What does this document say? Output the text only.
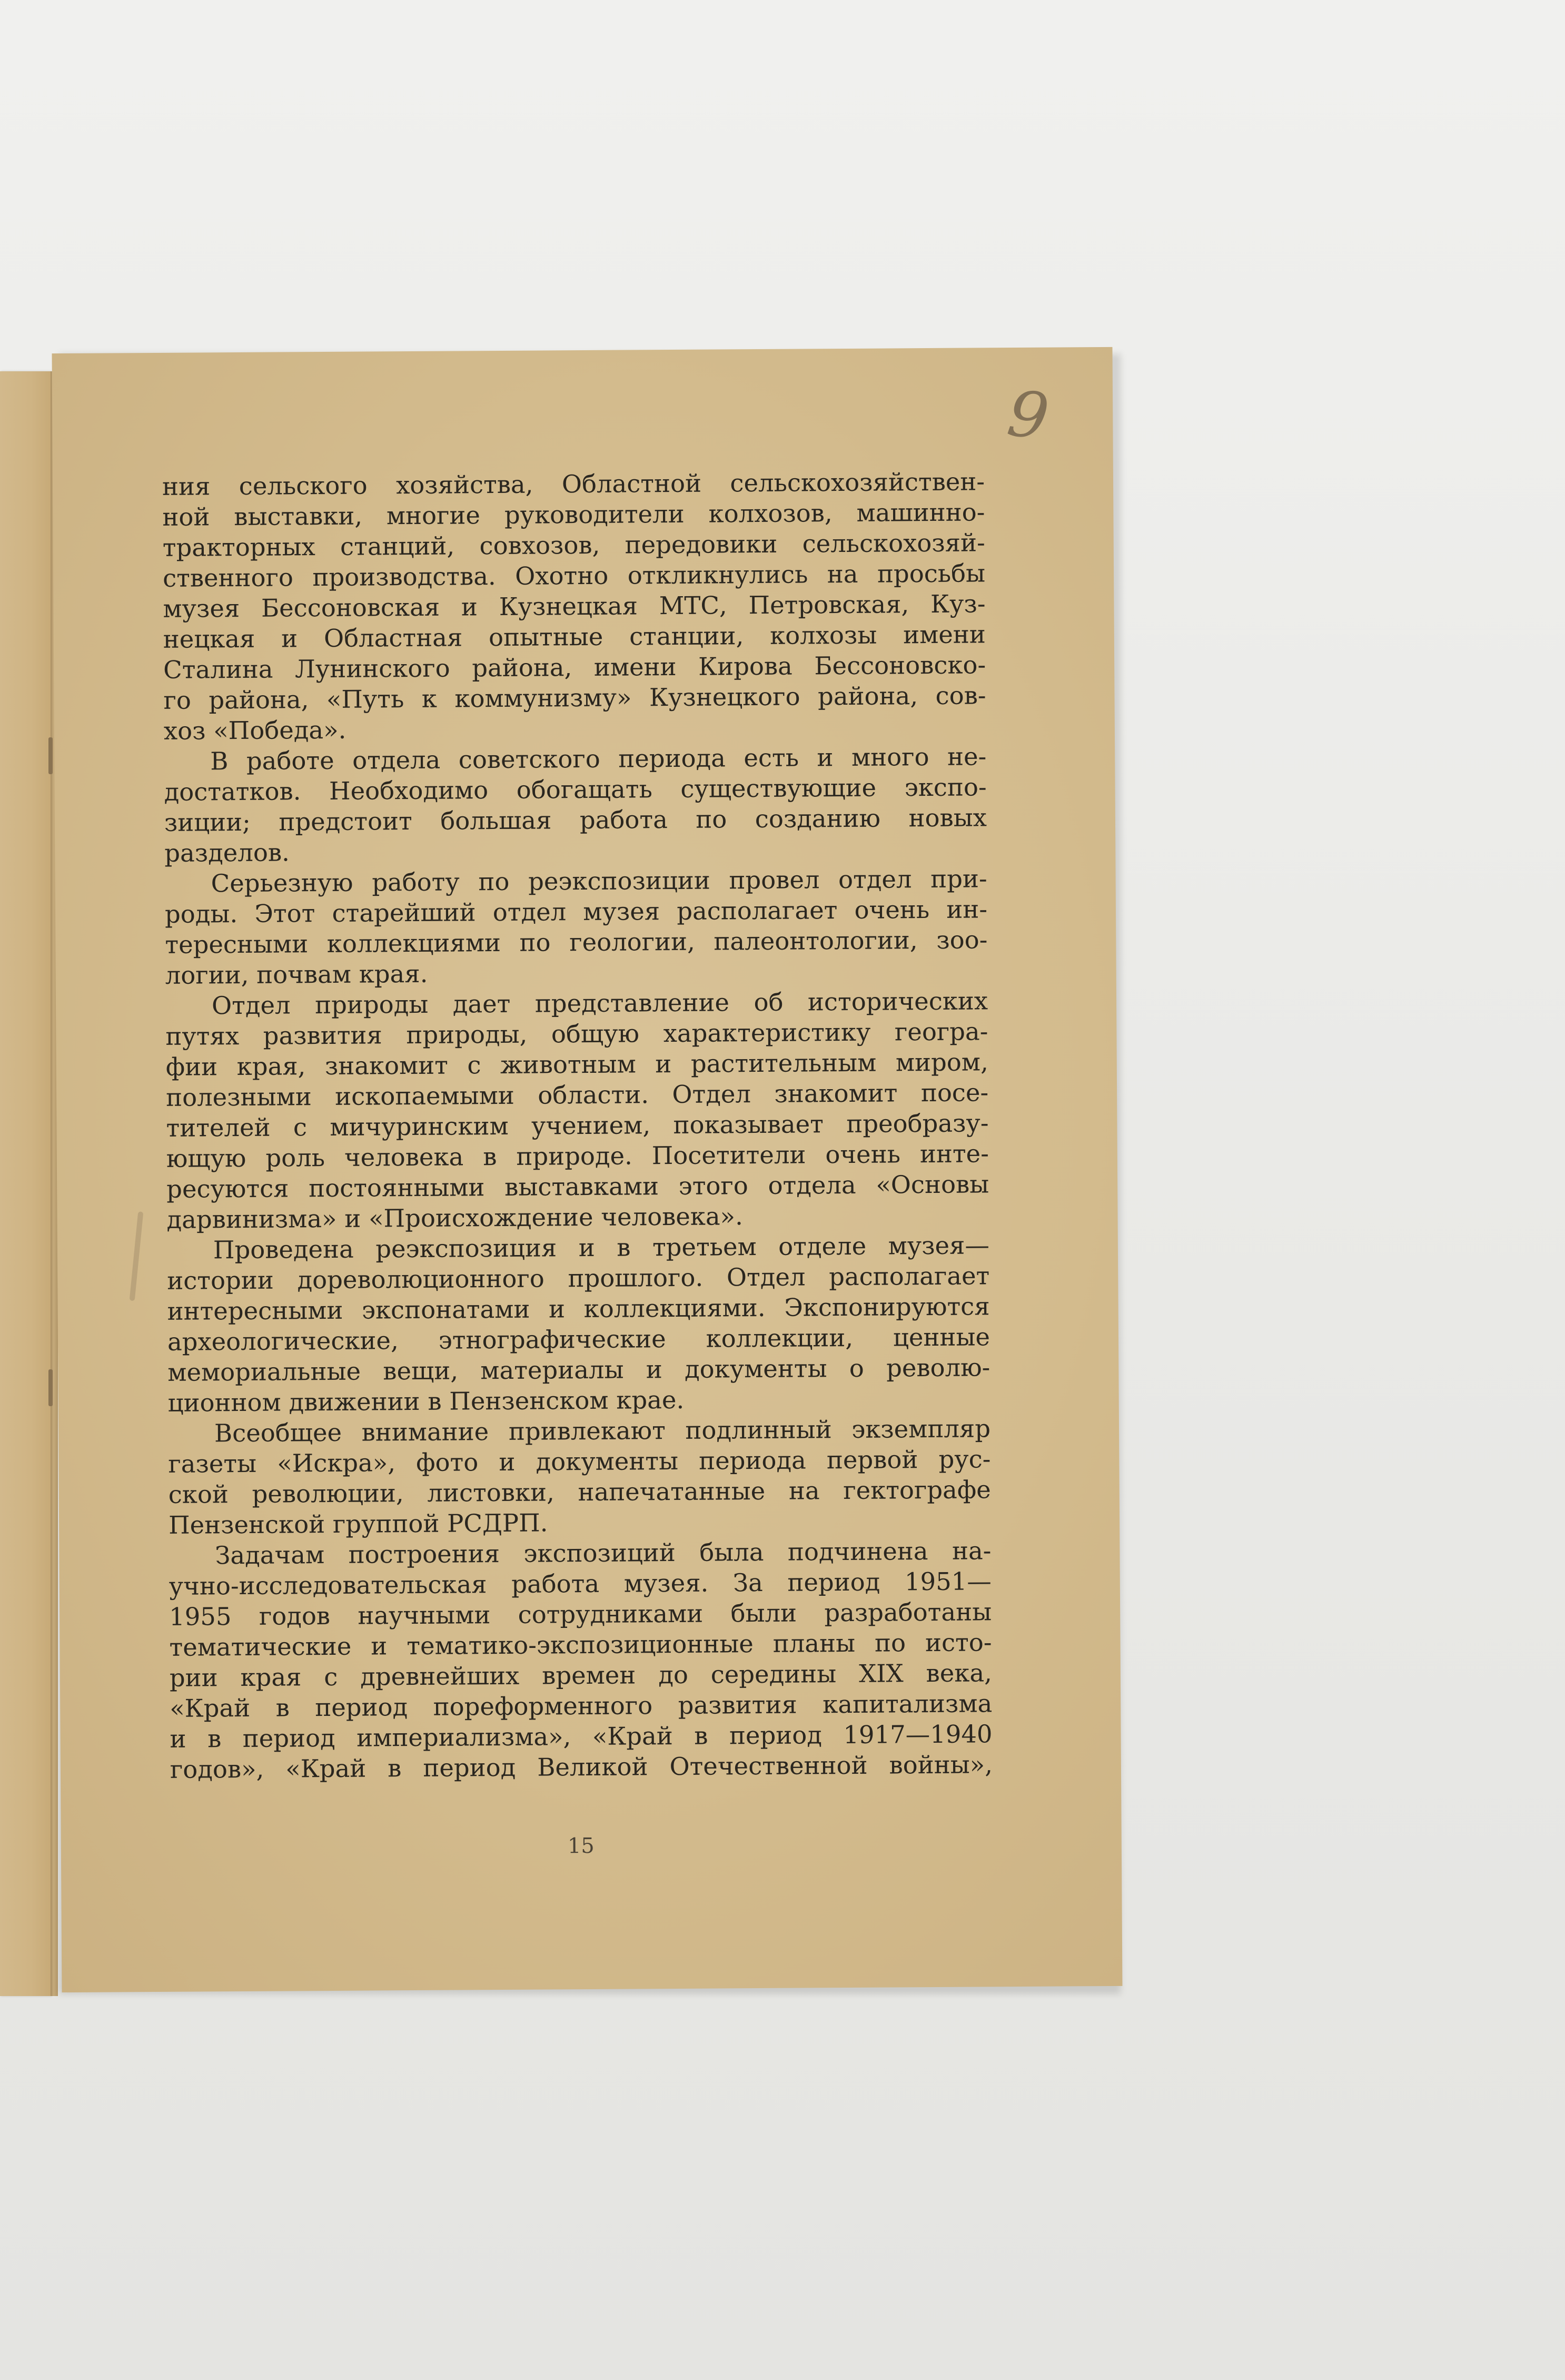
9
ния сельского хозяйства, Областной сельскохозяйствен-
ной выставки, многие руководители колхозов, машинно-
тракторных станций, совхозов, передовики сельскохозяй-
ственного производства. Охотно откликнулись на просьбы
музея Бессоновская и Кузнецкая МТС, Петровская, Куз-
нецкая и Областная опытные станции, колхозы имени
Сталина Лунинского района, имени Кирова Бессоновско-
го района, «Путь к коммунизму» Кузнецкого района, сов-
хоз «Победа».
В работе отдела советского периода есть и много не-
достатков. Необходимо обогащать существующие экспо-
зиции; предстоит большая работа по созданию новых
разделов.
Серьезную работу по реэкспозиции провел отдел при-
роды. Этот старейший отдел музея располагает очень ин-
тересными коллекциями по геологии, палеонтологии, зоо-
логии, почвам края.
Отдел природы дает представление об исторических
путях развития природы, общую характеристику геогра-
фии края, знакомит с животным и растительным миром,
полезными ископаемыми области. Отдел знакомит посе-
тителей с мичуринским учением, показывает преобразу-
ющую роль человека в природе. Посетители очень инте-
ресуются постоянными выставками этого отдела «Основы
дарвинизма» и «Происхождение человека».
Проведена реэкспозиция и в третьем отделе музея—
истории дореволюционного прошлого. Отдел располагает
интересными экспонатами и коллекциями. Экспонируются
археологические, этнографические коллекции, ценные
мемориальные вещи, материалы и документы о револю-
ционном движении в Пензенском крае.
Всеобщее внимание привлекают подлинный экземпляр
газеты «Искра», фото и документы периода первой рус-
ской революции, листовки, напечатанные на гектографе
Пензенской группой РСДРП.
Задачам построения экспозиций была подчинена на-
учно-исследовательская работа музея. За период 1951—
1955 годов научными сотрудниками были разработаны
тематические и тематико-экспозиционные планы по исто-
рии края с древнейших времен до середины XIX века,
«Край в период пореформенного развития капитализма
и в период империализма», «Край в период 1917—1940
годов», «Край в период Великой Отечественной войны»,
15
